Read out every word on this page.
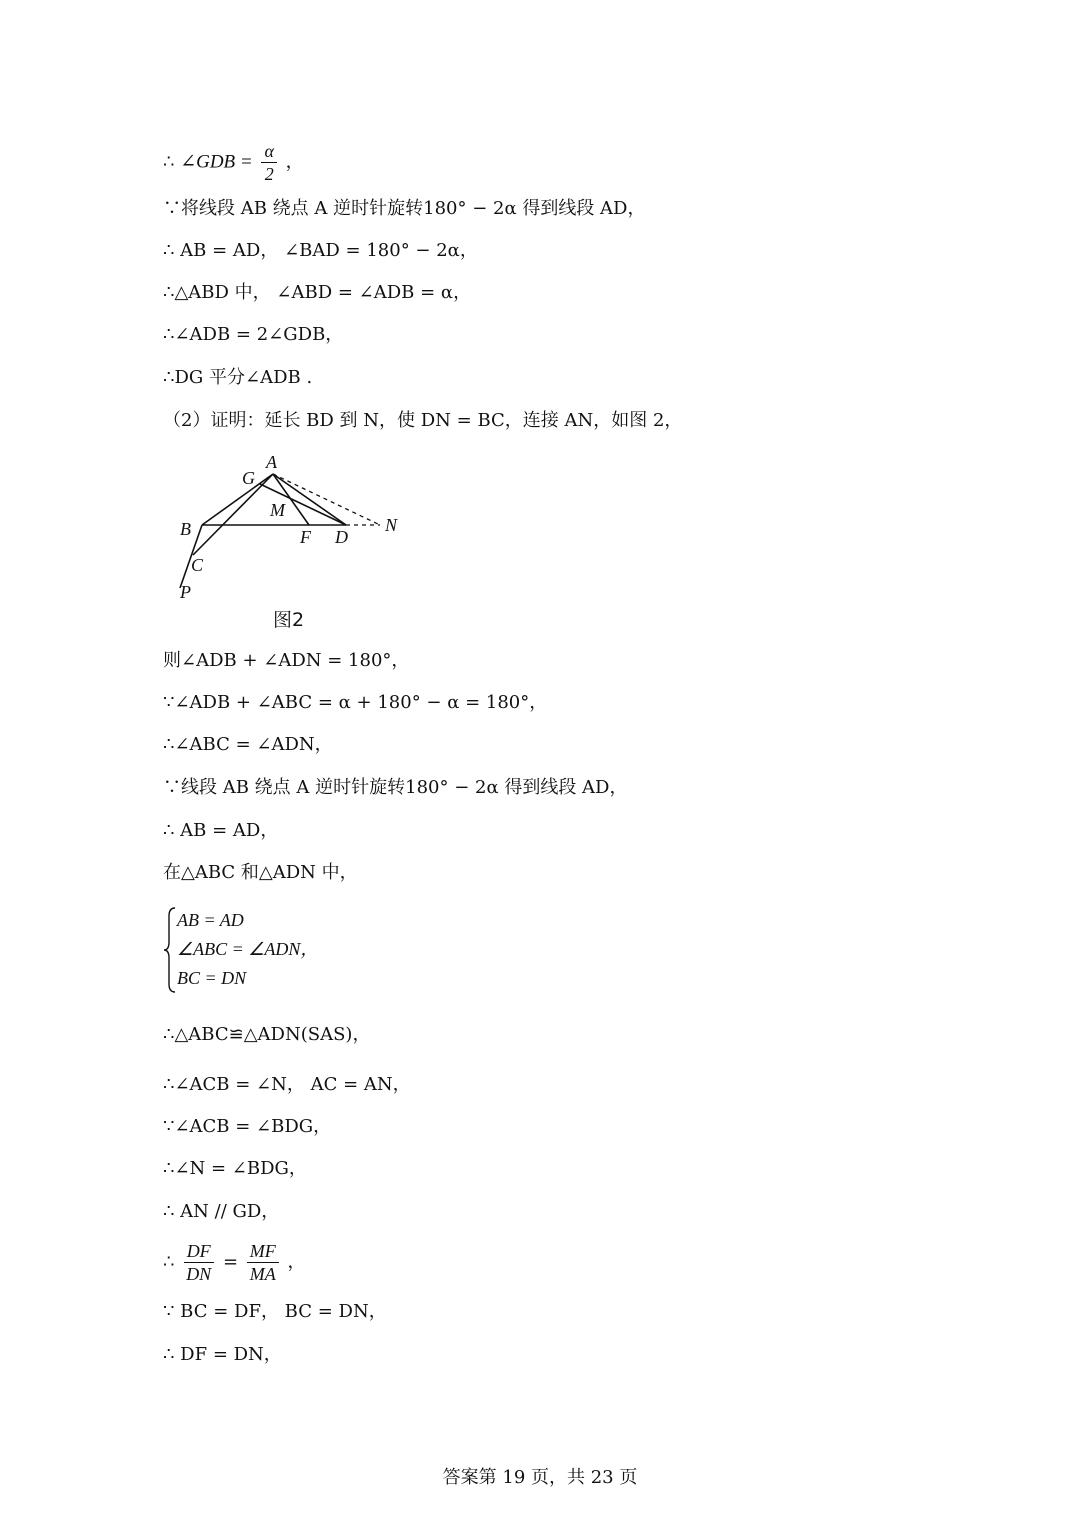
∴ ∠GDB = $\frac{\alpha}{2}$ ，
∵将线段 AB 绕点 A 逆时针旋转180° − 2α 得到线段 AD，
∴ AB = AD， ∠BAD = 180° − 2α，
∴△ABD 中， ∠ABD = ∠ADB = α，
∴∠ADB = 2∠GDB，
∴DG 平分∠ADB .
（2）证明：延长 BD 到 N，使 DN = BC，连接 AN，如图 2，
A
G
M
B	F D
N
C
P
图2
则∠ADB + ∠ADN = 180°，
∵∠ADB + ∠ABC = α + 180° − α = 180°，
∴∠ABC = ∠ADN，
∵线段 AB 绕点 A 逆时针旋转180° − 2α 得到线段 AD，
∴ AB = AD，
在△ABC 和△ADN 中，
AB = AD
∠ABC = ∠ADN，
BC = DN
∴△ABC≌△ADN(SAS)，
∴∠ACB = ∠N， AC = AN，
∵∠ACB = ∠BDG，
∴∠N = ∠BDG，
∴ AN // GD，
∴ $\frac{DF}{DN} = \frac{MF}{MA}$ ，
∵ BC = DF， BC = DN，
∴ DF = DN，
答案第 19 页，共 23 页
